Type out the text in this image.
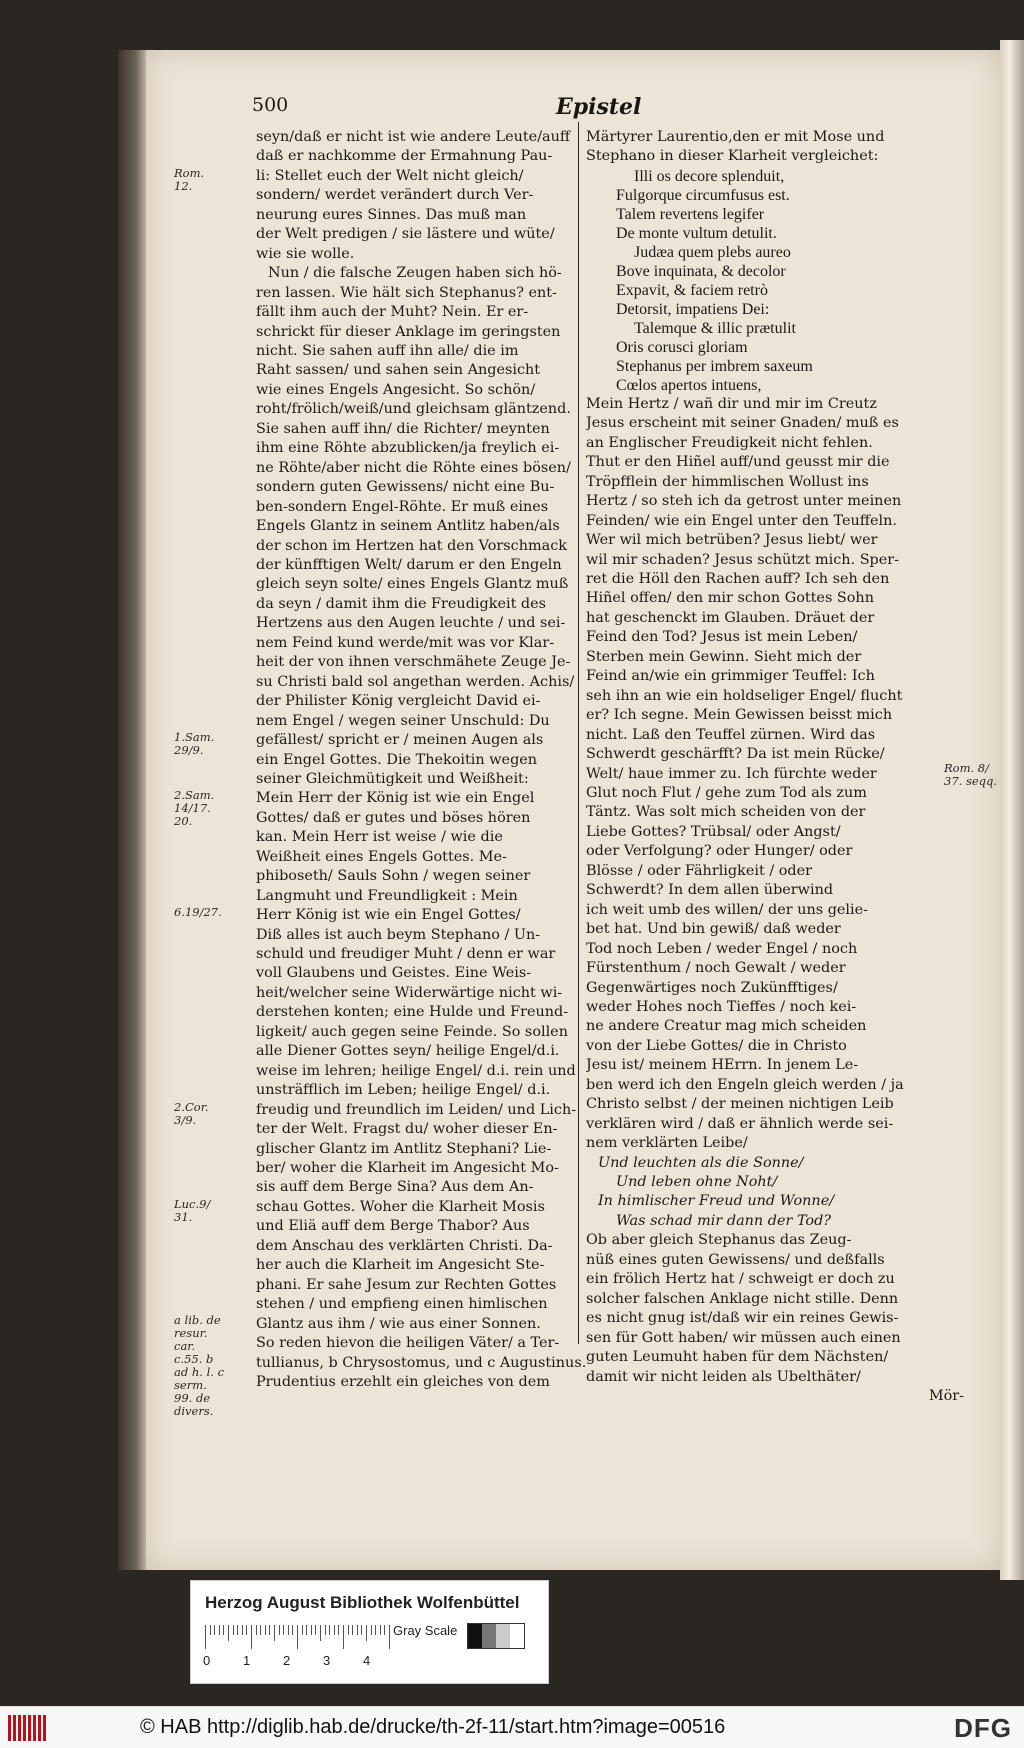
500	Epistel
seyn/daß er nicht ist wie andere Leute/auff
daß er nachkomme der Ermahnung Pau-
li: Stellet euch der Welt nicht gleich/
sondern/ werdet verändert durch Ver-
neurung eures Sinnes. Das muß man
der Welt predigen / sie lästere und wüte/
wie sie wolle.
Nun / die falsche Zeugen haben sich hö-
ren lassen. Wie hält sich Stephanus? ent-
fällt ihm auch der Muht? Nein. Er er-
schrickt für dieser Anklage im geringsten
nicht. Sie sahen auff ihn alle/ die im
Raht sassen/ und sahen sein Angesicht
wie eines Engels Angesicht. So schön/
roht/frölich/weiß/und gleichsam gläntzend.
Sie sahen auff ihn/ die Richter/ meynten
ihm eine Röhte abzublicken/ja freylich ei-
ne Röhte/aber nicht die Röhte eines bösen/
sondern guten Gewissens/ nicht eine Bu-
ben-sondern Engel-Röhte. Er muß eines
Engels Glantz in seinem Antlitz haben/als
der schon im Hertzen hat den Vorschmack
der künfftigen Welt/ darum er den Engeln
gleich seyn solte/ eines Engels Glantz muß
da seyn / damit ihm die Freudigkeit des
Hertzens aus den Augen leuchte / und sei-
nem Feind kund werde/mit was vor Klar-
heit der von ihnen verschmähete Zeuge Je-
su Christi bald sol angethan werden. Achis/
der Philister König vergleicht David ei-
nem Engel / wegen seiner Unschuld: Du
gefällest/ spricht er / meinen Augen als
ein Engel Gottes. Die Thekoitin wegen
seiner Gleichmütigkeit und Weißheit:
Mein Herr der König ist wie ein Engel
Gottes/ daß er gutes und böses hören
kan. Mein Herr ist weise / wie die
Weißheit eines Engels Gottes. Me-
phiboseth/ Sauls Sohn / wegen seiner
Langmuht und Freundligkeit : Mein
Herr König ist wie ein Engel Gottes/
Diß alles ist auch beym Stephano / Un-
schuld und freudiger Muht / denn er war
voll Glaubens und Geistes. Eine Weis-
heit/welcher seine Widerwärtige nicht wi-
derstehen konten; eine Hulde und Freund-
ligkeit/ auch gegen seine Feinde. So sollen
alle Diener Gottes seyn/ heilige Engel/d.i.
weise im lehren; heilige Engel/ d.i. rein und
unsträfflich im Leben; heilige Engel/ d.i.
freudig und freundlich im Leiden/ und Lich-
ter der Welt. Fragst du/ woher dieser En-
glischer Glantz im Antlitz Stephani? Lie-
ber/ woher die Klarheit im Angesicht Mo-
sis auff dem Berge Sina? Aus dem An-
schau Gottes. Woher die Klarheit Mosis
und Eliä auff dem Berge Thabor? Aus
dem Anschau des verklärten Christi. Da-
her auch die Klarheit im Angesicht Ste-
phani. Er sahe Jesum zur Rechten Gottes
stehen / und empfieng einen himlischen
Glantz aus ihm / wie aus einer Sonnen.
So reden hievon die heiligen Väter/ a Ter-
tullianus, b Chrysostomus, und c Augustinus.
Prudentius erzehlt ein gleiches von dem
Rom. 12.
1.Sam. 29/9.
2.Sam. 14/17. 20.
6.19/27.
2.Cor. 3/9.
Luc.9/ 31.
a lib. de resur. car. c.55. b ad h. l. c serm. 99. de divers.
Märtyrer Laurentio,den er mit Mose und
Stephano in dieser Klarheit vergleichet:
Illi os decore splenduit,
Fulgorque circumfusus est.
Talem revertens legifer
De monte vultum detulit.
Judæa quem plebs aureo
Bove inquinata, & decolor
Expavit, & faciem retrò
Detorsit, impatiens Dei:
Talemque & illic prætulit
Oris corusci gloriam
Stephanus per imbrem saxeum
Cœlos apertos intuens,
Mein Hertz / wañ dir und mir im Creutz
Jesus erscheint mit seiner Gnaden/ muß es
an Englischer Freudigkeit nicht fehlen.
Thut er den Hiñel auff/und geusst mir die
Tröpfflein der himmlischen Wollust ins
Hertz / so steh ich da getrost unter meinen
Feinden/ wie ein Engel unter den Teuffeln.
Wer wil mich betrüben? Jesus liebt/ wer
wil mir schaden? Jesus schützt mich. Sper-
ret die Höll den Rachen auff? Ich seh den
Hiñel offen/ den mir schon Gottes Sohn
hat geschenckt im Glauben. Dräuet der
Feind den Tod? Jesus ist mein Leben/
Sterben mein Gewinn. Sieht mich der
Feind an/wie ein grimmiger Teuffel: Ich
seh ihn an wie ein holdseliger Engel/ flucht
er? Ich segne. Mein Gewissen beisst mich
nicht. Laß den Teuffel zürnen. Wird das
Schwerdt geschärfft? Da ist mein Rücke/
Welt/ haue immer zu. Ich fürchte weder
Glut noch Flut / gehe zum Tod als zum
Täntz. Was solt mich scheiden von der
Liebe Gottes? Trübsal/ oder Angst/
oder Verfolgung? oder Hunger/ oder
Blösse / oder Fährligkeit / oder
Schwerdt? In dem allen überwind
ich weit umb des willen/ der uns gelie-
bet hat. Und bin gewiß/ daß weder
Tod noch Leben / weder Engel / noch
Fürstenthum / noch Gewalt / weder
Gegenwärtiges noch Zukünfftiges/
weder Hohes noch Tieffes / noch kei-
ne andere Creatur mag mich scheiden
von der Liebe Gottes/ die in Christo
Jesu ist/ meinem HErrn. In jenem Le-
ben werd ich den Engeln gleich werden / ja
Christo selbst / der meinen nichtigen Leib
verklären wird / daß er ähnlich werde sei-
nem verklärten Leibe/
Und leuchten als die Sonne/
Und leben ohne Noht/
In himlischer Freud und Wonne/
Was schad mir dann der Tod?
Ob aber gleich Stephanus das Zeug-
nüß eines guten Gewissens/ und deßfalls
ein frölich Hertz hat / schweigt er doch zu
solcher falschen Anklage nicht stille. Denn
es nicht gnug ist/daß wir ein reines Gewis-
sen für Gott haben/ wir müssen auch einen
guten Leumuht haben für dem Nächsten/
damit wir nicht leiden als Ubelthäter/
Mör-
Rom. 8/ 37. seqq.
Herzog August Bibliothek Wolfenbüttel
0	1	2	3	4
Gray Scale
© HAB http://diglib.hab.de/drucke/th-2f-11/start.htm?image=00516	DFG
